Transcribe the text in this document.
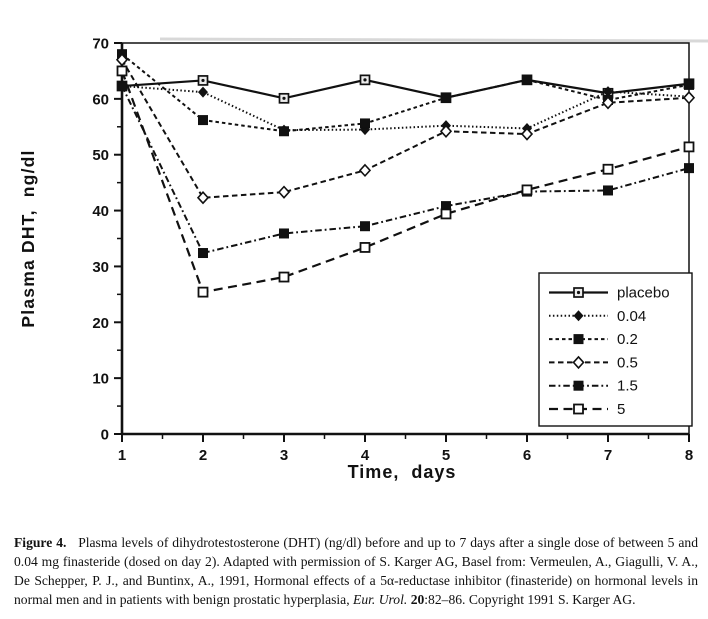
Plasma DHT,  ng/dl
Time,  days
0
10
20
30
40
50
60
70
1	2	3	4	5	6	7	8
placebo
0.04
0.2
0.5
1.5
5

Figure 4.   Plasma levels of dihydrotestosterone (DHT) (ng/dl) before and up to 7 days after a single dose of between 5 and 0.04 mg finasteride (dosed on day 2). Adapted with permission of S. Karger AG, Basel from: Vermeulen, A., Giagulli, V. A., De Schepper, P. J., and Buntinx, A., 1991, Hormonal effects of a 5α-reductase inhibitor (finasteride) on hormonal levels in normal men and in patients with benign prostatic hyperplasia, Eur. Urol. 20:82–86. Copyright 1991 S. Karger AG.
